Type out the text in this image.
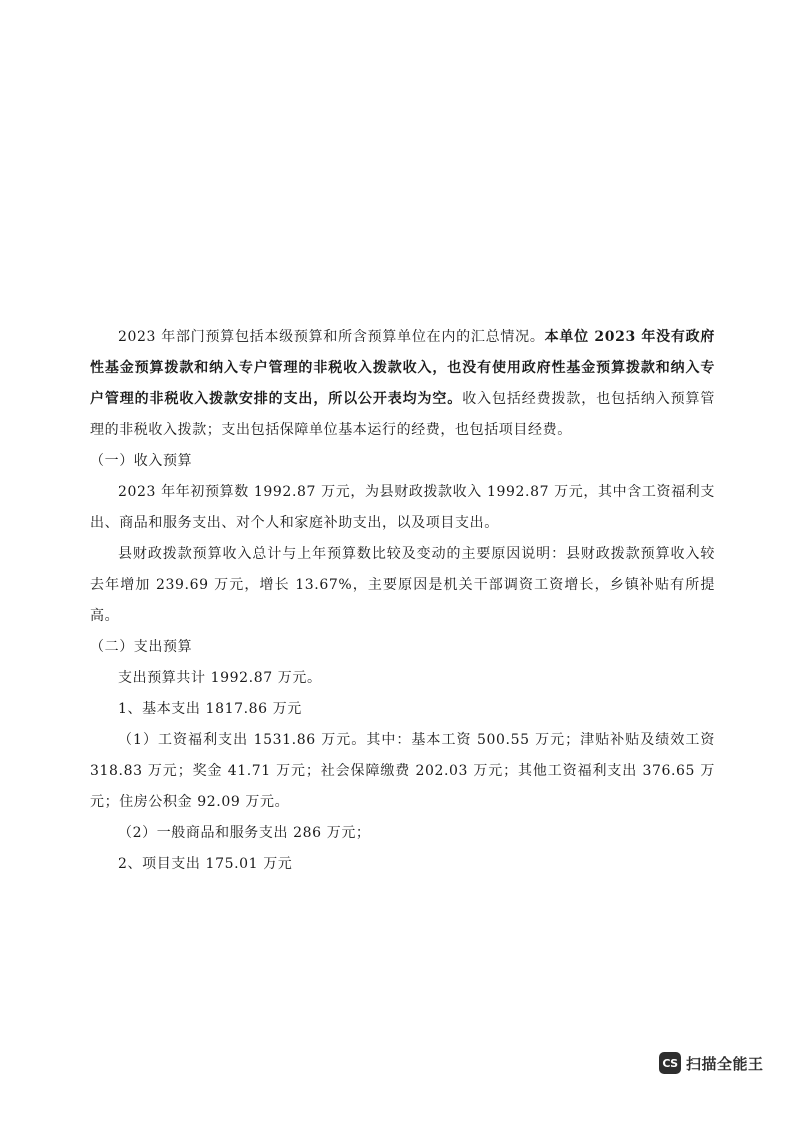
2023 年部门预算包括本级预算和所含预算单位在内的汇总情况。本单位 2023 年没有政府性基金预算拨款和纳入专户管理的非税收入拨款收入，也没有使用政府性基金预算拨款和纳入专户管理的非税收入拨款安排的支出，所以公开表均为空。收入包括经费拨款，也包括纳入预算管理的非税收入拨款；支出包括保障单位基本运行的经费，也包括项目经费。

（一）收入预算

2023 年年初预算数 1992.87 万元，为县财政拨款收入 1992.87 万元，其中含工资福利支出、商品和服务支出、对个人和家庭补助支出，以及项目支出。

县财政拨款预算收入总计与上年预算数比较及变动的主要原因说明：县财政拨款预算收入较去年增加 239.69 万元，增长 13.67%，主要原因是机关干部调资工资增长，乡镇补贴有所提高。

（二）支出预算

支出预算共计 1992.87 万元。

1、基本支出 1817.86 万元

（1）工资福利支出 1531.86 万元。其中：基本工资 500.55 万元；津贴补贴及绩效工资 318.83 万元；奖金 41.71 万元；社会保障缴费 202.03 万元；其他工资福利支出 376.65 万元；住房公积金 92.09 万元。

（2）一般商品和服务支出 286 万元；

2、项目支出 175.01 万元

CS 扫描全能王
